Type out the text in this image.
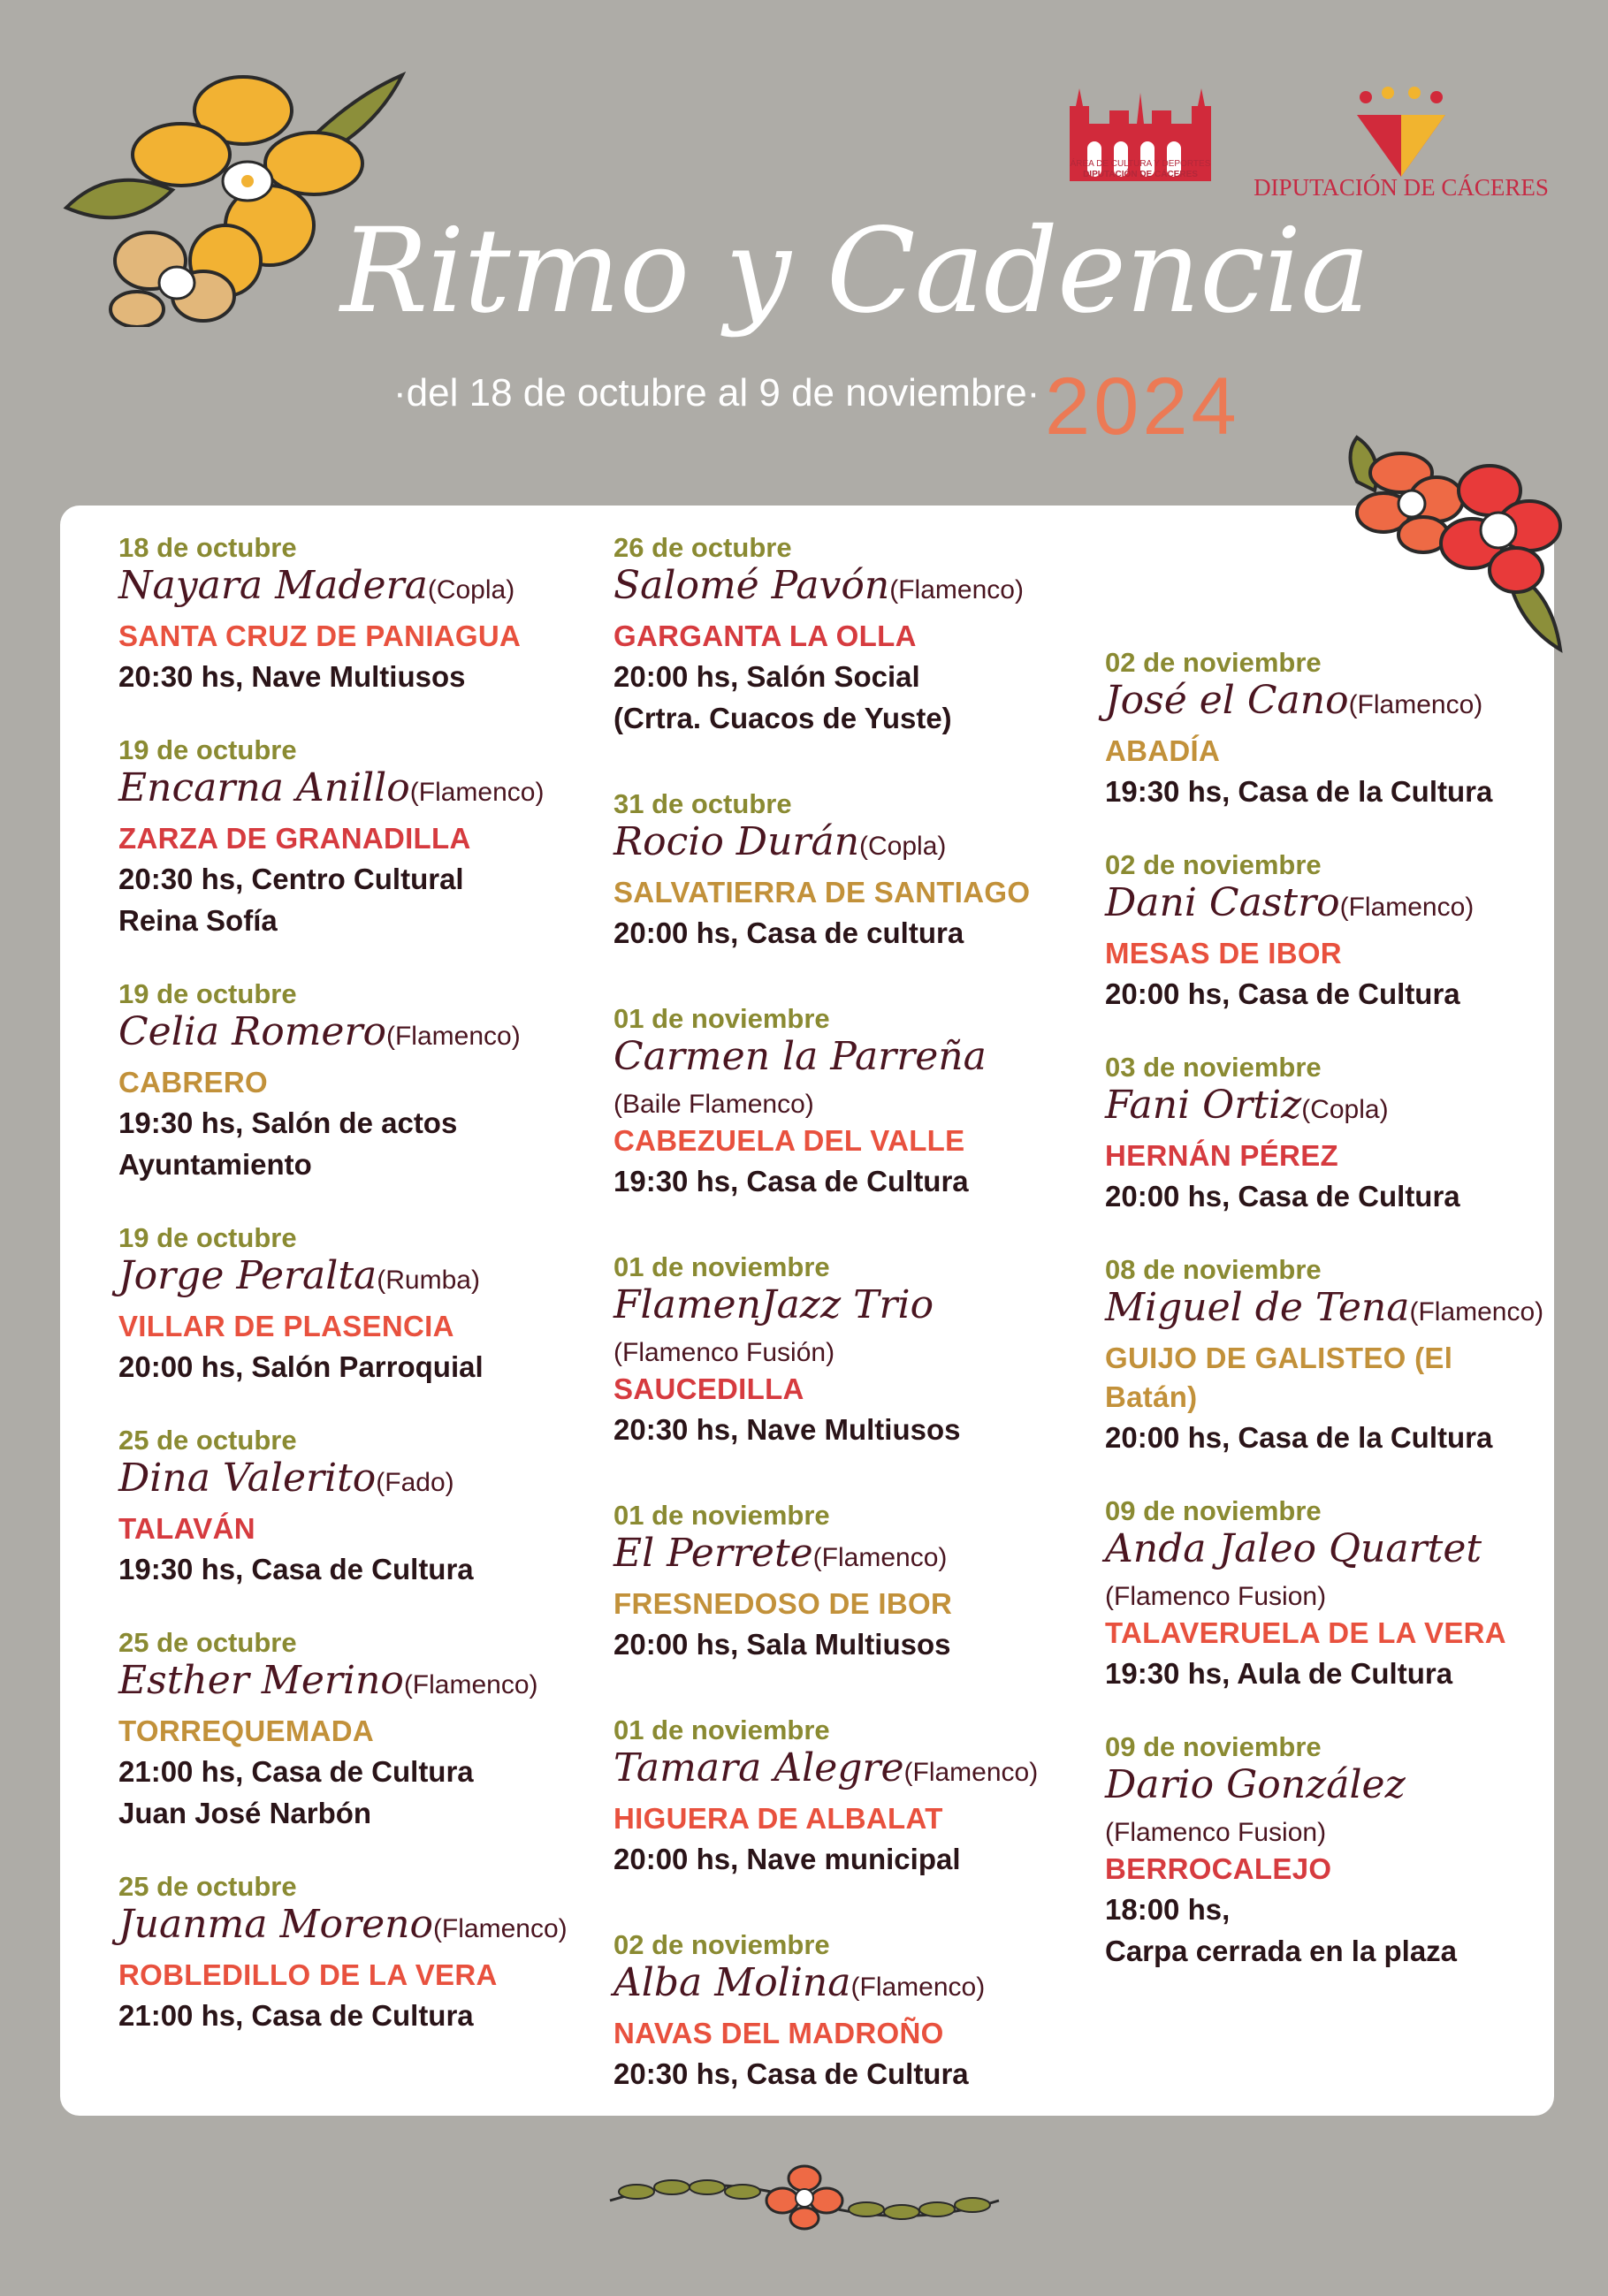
ÁREA DE CULTURA Y DEPORTES
DIPUTACIÓN DE CÁCERES	DIPUTACIÓN DE CÁCERES
Ritmo y Cadencia
·del 18 de octubre al 9 de noviembre· 2024
18 de octubre
Nayara Madera(Copla)
SANTA CRUZ DE PANIAGUA
20:30 hs, Nave Multiusos
19 de octubre
Encarna Anillo(Flamenco)
ZARZA DE GRANADILLA
20:30 hs, Centro Cultural
Reina Sofía
19 de octubre
Celia Romero(Flamenco)
CABRERO
19:30 hs, Salón de actos
Ayuntamiento
19 de octubre
Jorge Peralta(Rumba)
VILLAR DE PLASENCIA
20:00 hs, Salón Parroquial
25 de octubre
Dina Valerito(Fado)
TALAVÁN
19:30 hs, Casa de Cultura
25 de octubre
Esther Merino(Flamenco)
TORREQUEMADA
21:00 hs, Casa de Cultura
Juan José Narbón
25 de octubre
Juanma Moreno(Flamenco)
ROBLEDILLO DE LA VERA
21:00 hs, Casa de Cultura
26 de octubre
Salomé Pavón(Flamenco)
GARGANTA LA OLLA
20:00 hs, Salón Social
(Crtra. Cuacos de Yuste)
31 de octubre
Rocio Durán(Copla)
SALVATIERRA DE SANTIAGO
20:00 hs, Casa de cultura
01 de noviembre
Carmen la Parreña
(Baile Flamenco)
CABEZUELA DEL VALLE
19:30 hs, Casa de Cultura
01 de noviembre
FlamenJazz Trio
(Flamenco Fusión)
SAUCEDILLA
20:30 hs, Nave Multiusos
01 de noviembre
El Perrete(Flamenco)
FRESNEDOSO DE IBOR
20:00 hs, Sala Multiusos
01 de noviembre
Tamara Alegre(Flamenco)
HIGUERA DE ALBALAT
20:00 hs, Nave municipal
02 de noviembre
Alba Molina(Flamenco)
NAVAS DEL MADROÑO
20:30 hs, Casa de Cultura
02 de noviembre
José el Cano(Flamenco)
ABADÍA
19:30 hs, Casa de la Cultura
02 de noviembre
Dani Castro(Flamenco)
MESAS DE IBOR
20:00 hs, Casa de Cultura
03 de noviembre
Fani Ortiz(Copla)
HERNÁN PÉREZ
20:00 hs, Casa de Cultura
08 de noviembre
Miguel de Tena(Flamenco)
GUIJO DE GALISTEO (El Batán)
20:00 hs, Casa de la Cultura
09 de noviembre
Anda Jaleo Quartet
(Flamenco Fusion)
TALAVERUELA DE LA VERA
19:30 hs, Aula de Cultura
09 de noviembre
Dario González
(Flamenco Fusion)
BERROCALEJO
18:00 hs,
Carpa cerrada en la plaza
